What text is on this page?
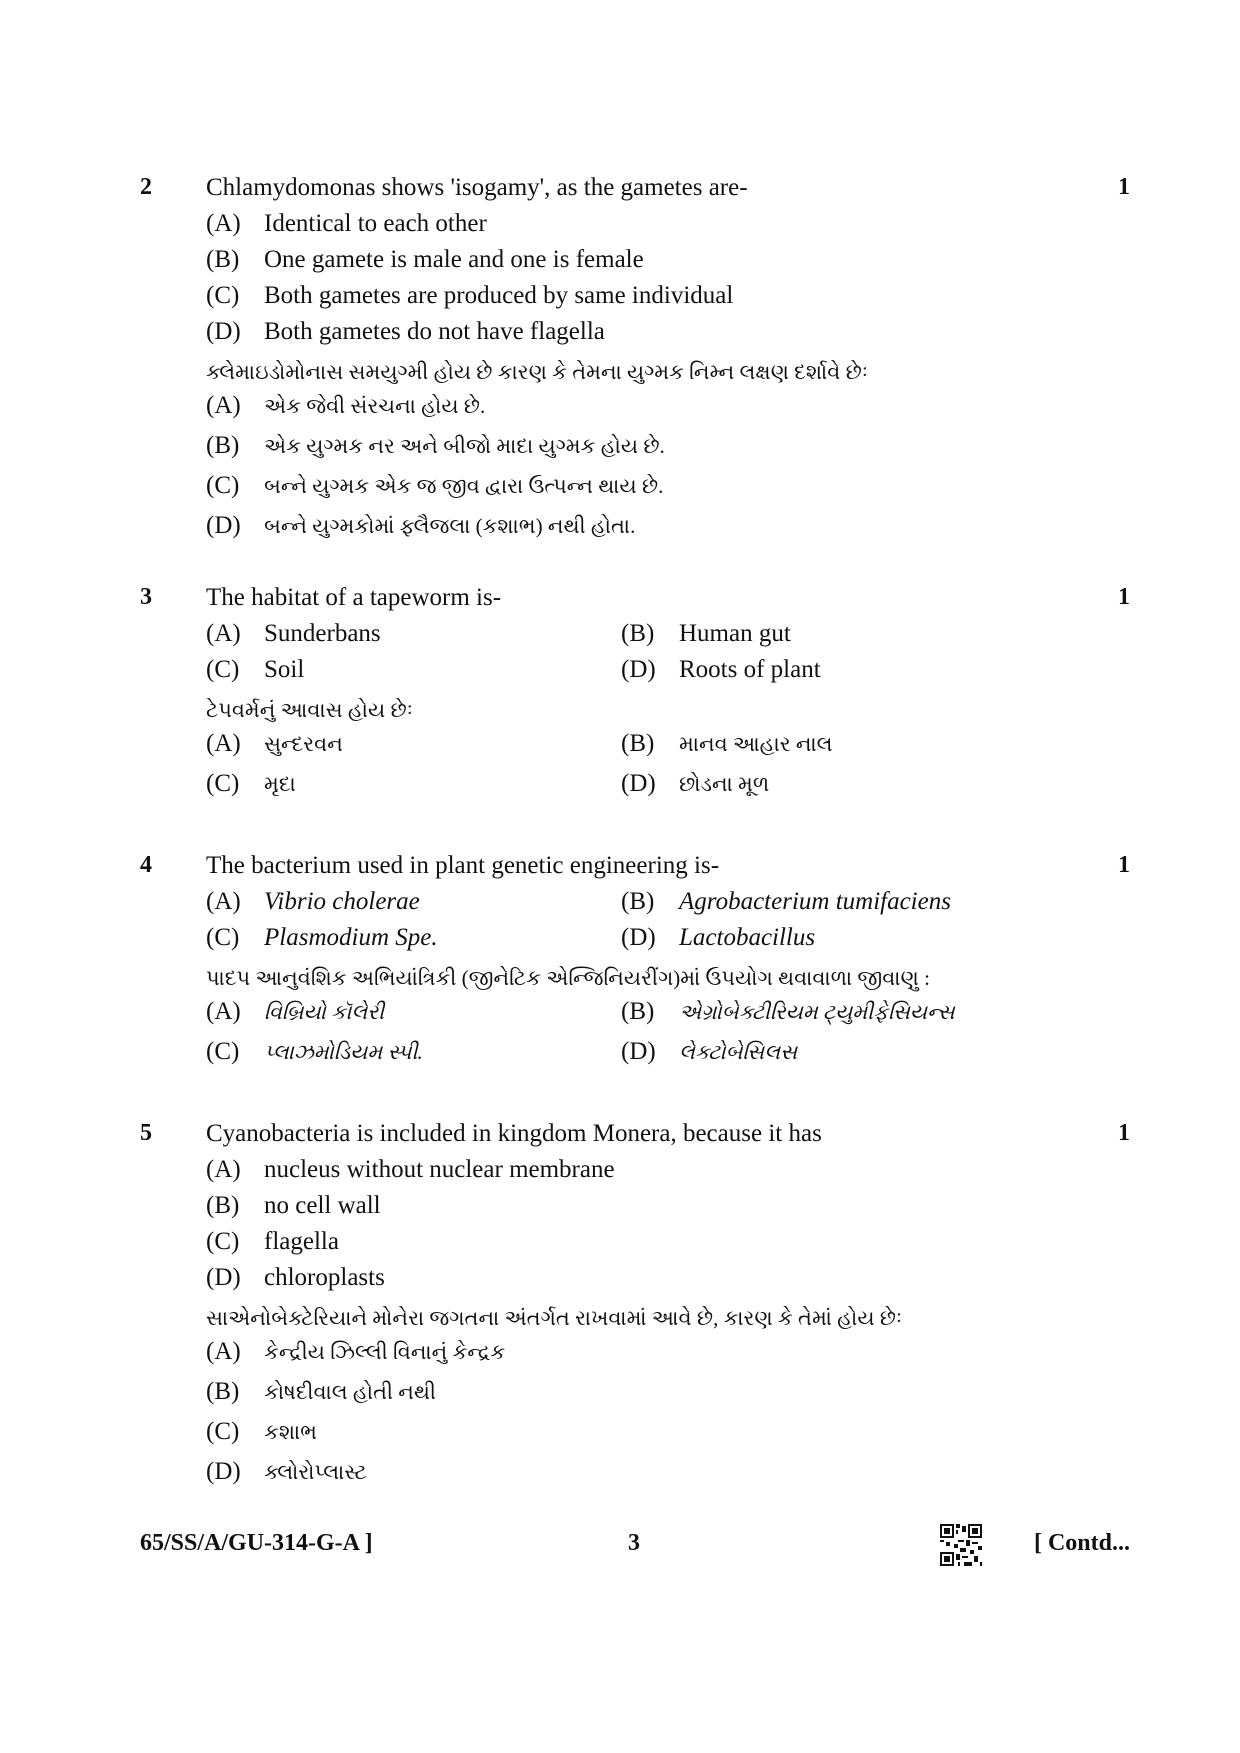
2 Chlamydomonas shows 'isogamy', as the gametes are-	1
(A) Identical to each other
(B) One gamete is male and one is female
(C) Both gametes are produced by same individual
(D) Both gametes do not have flagella
ક્લેમાઇડોમોનાસ સમયુગ્મી હોય છે કારણ કે તેમના યુગ્મક નિમ્ન લક્ષણ દર્શાવે છેઃ
(A) એક જેવી સંરચના હોય છે.
(B) એક યુગ્મક નર અને બીજો માદા યુગ્મક હોય છે.
(C) બન્ને યુગ્મક એક જ જીવ દ્વારા ઉત્પન્ન થાય છે.
(D) બન્ને યુગ્મકોમાં ફ્લૈજલા (કશાભ) નથી હોતા.
3 The habitat of a tapeworm is-	1
(A) Sunderbans	(B) Human gut
(C) Soil	(D) Roots of plant
ટેપવર્મનું આવાસ હોય છેઃ
(A) સુન્દરવન	(B) માનવ આહાર નાલ
(C) મૃદા	(D) છોડના મૂળ
4 The bacterium used in plant genetic engineering is-	1
(A) Vibrio cholerae	(B) Agrobacterium tumifaciens
(C) Plasmodium Spe.	(D) Lactobacillus
પાદપ આનુવંશિક અભિયાંત્રિકી (જીનેટિક એન્જિનિયરીંગ)માં ઉપયોગ થવાવાળા જીવાણુ :
(A) વિબ્રિયો કૉલેરી	(B) એગ્રોબેક્ટીરિયમ ટ્યુમીફેસિયન્સ
(C) પ્લાઝમોડિયમ સ્પી.	(D) લેક્ટોબેસિલસ
5 Cyanobacteria is included in kingdom Monera, because it has	1
(A) nucleus without nuclear membrane
(B) no cell wall
(C) flagella
(D) chloroplasts
સાએનોબેક્ટેરિયાને મોનેરા જગતના અંતર્ગત રાખવામાં આવે છે, કારણ કે તેમાં હોય છેઃ
(A) કેન્દ્રીય ઝિલ્લી વિનાનું કેન્દ્રક
(B) કોષદીવાલ હોતી નથી
(C) કશાભ
(D) ક્લોરોપ્લાસ્ટ
65/SS/A/GU-314-G-A ]	3	[ Contd...
